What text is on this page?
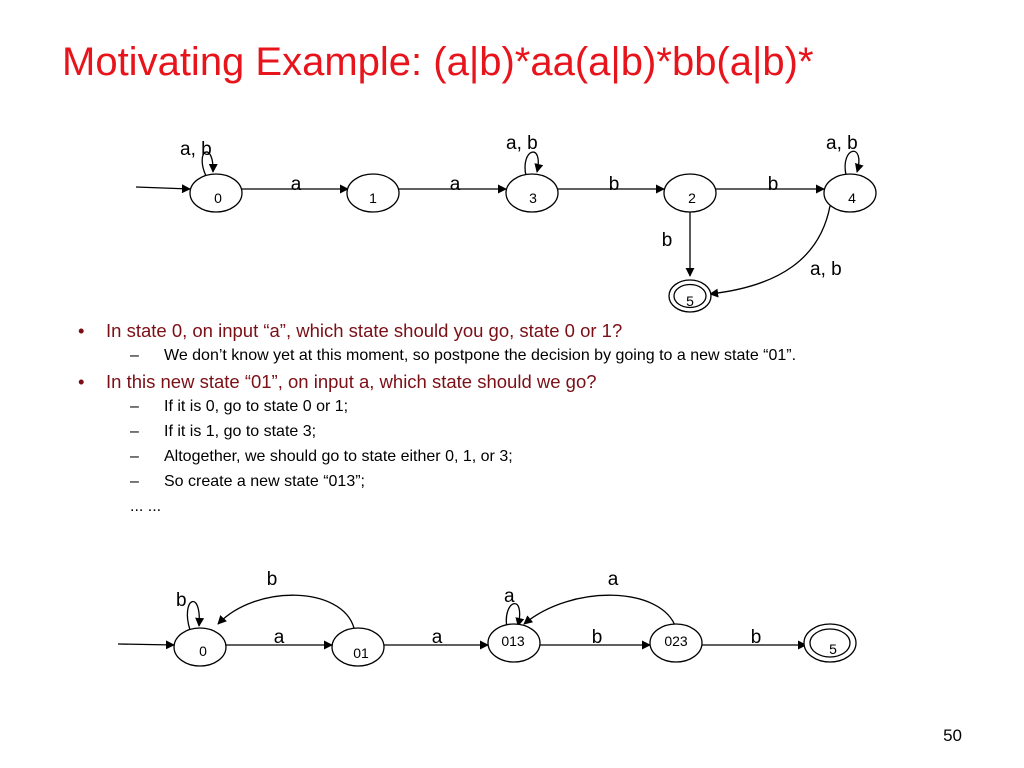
Motivating Example: (a|b)*aa(a|b)*bb(a|b)*
0	1	3	2	4
5
a, b	a, b	a, b
a	a	b	b
b
a, b
0	01
013	023	5
b	a
b	a
a	a	b	b
• In state 0, on input “a”, which state should you go, state 0 or 1?
– We don’t know yet at this moment, so postpone the decision by going to a new state “01”.
• In this new state “01”, on input a, which state should we go?
– If it is 0, go to state 0 or 1;
– If it is 1, go to state 3;
– Altogether, we should go to state either 0, 1, or 3;
– So create a new state “013”;
... ...
50
